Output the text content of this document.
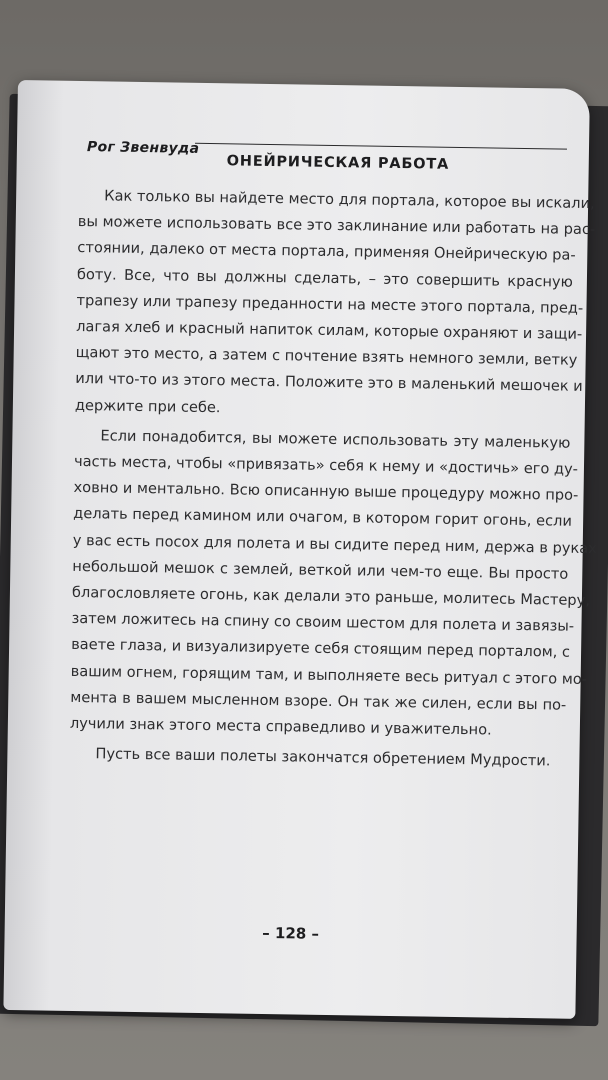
Рог Звенвуда
ОНЕЙРИЧЕСКАЯ РАБОТА
Как только вы найдете место для портала, которое вы искали,
вы можете использовать все это заклинание или работать на рас-
стоянии, далеко от места портала, применяя Онейрическую ра-
боту. Все, что вы должны сделать, – это совершить красную
трапезу или трапезу преданности на месте этого портала, пред-
лагая хлеб и красный напиток силам, которые охраняют и защи-
щают это место, а затем с почтение взять немного земли, ветку
или что-то из этого места. Положите это в маленький мешочек и
держите при себе.
Если понадобится, вы можете использовать эту маленькую
часть места, чтобы «привязать» себя к нему и «достичь» его ду-
ховно и ментально. Всю описанную выше процедуру можно про-
делать перед камином или очагом, в котором горит огонь, если
у вас есть посох для полета и вы сидите перед ним, держа в руках
небольшой мешок с землей, веткой или чем-то еще. Вы просто
благословляете огонь, как делали это раньше, молитесь Мастеру,
затем ложитесь на спину со своим шестом для полета и завязы-
ваете глаза, и визуализируете себя стоящим перед порталом, с
вашим огнем, горящим там, и выполняете весь ритуал с этого мо-
мента в вашем мысленном взоре. Он так же силен, если вы по-
лучили знак этого места справедливо и уважительно.
Пусть все ваши полеты закончатся обретением Мудрости.
– 128 –
